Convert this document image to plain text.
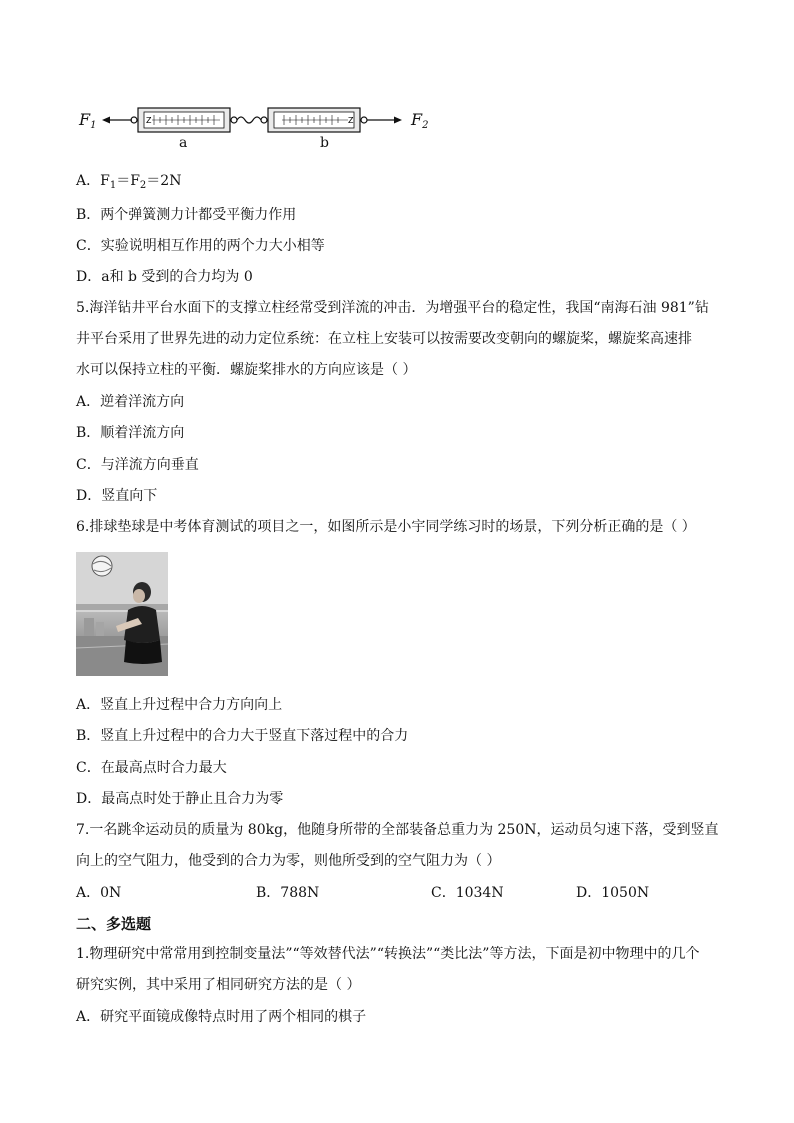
Z	Z
$F_1$	$F_2$
a	b
A．$F_1=F_2=2N$
B．两个弹簧测力计都受平衡力作用
C．实验说明相互作用的两个力大小相等
D．a和 b 受到的合力均为 0
5.海洋钻井平台水面下的支撑立柱经常受到洋流的冲击．为增强平台的稳定性，我国“南海石油 981”钻
井平台采用了世界先进的动力定位系统：在立柱上安装可以按需要改变朝向的螺旋桨，螺旋桨高速排
水可以保持立柱的平衡．螺旋桨排水的方向应该是（ ）
A．逆着洋流方向
B．顺着洋流方向
C．与洋流方向垂直
D．竖直向下
6.排球垫球是中考体育测试的项目之一，如图所示是小宇同学练习时的场景，下列分析正确的是（ ）
A．竖直上升过程中合力方向向上
B．竖直上升过程中的合力大于竖直下落过程中的合力
C．在最高点时合力最大
D．最高点时处于静止且合力为零
7.一名跳伞运动员的质量为 80kg，他随身所带的全部装备总重力为 250N，运动员匀速下落，受到竖直
向上的空气阻力，他受到的合力为零，则他所受到的空气阻力为（ ）
A．0N	B．788N	C．1034N	D．1050N
二、多选题
1.物理研究中常常用到控制变量法”“等效替代法”“转换法”“类比法”等方法，下面是初中物理中的几个
研究实例，其中采用了相同研究方法的是（ ）
A．研究平面镜成像特点时用了两个相同的棋子
